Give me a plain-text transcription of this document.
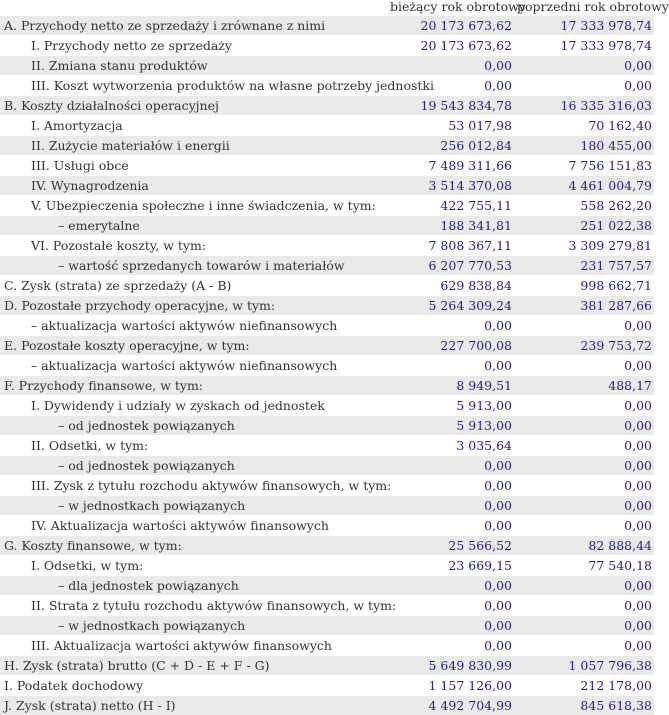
	bieżący rok obrotowy	poprzedni rok obrotowy
A. Przychody netto ze sprzedaży i zrównane z nimi	20 173 673,62	17 333 978,74
I. Przychody netto ze sprzedaży	20 173 673,62	17 333 978,74
II. Zmiana stanu produktów	0,00	0,00
III. Koszt wytworzenia produktów na własne potrzeby jednostki	0,00	0,00
B. Koszty działalności operacyjnej	19 543 834,78	16 335 316,03
I. Amortyzacja	53 017,98	70 162,40
II. Zużycie materiałów i energii	256 012,84	180 455,00
III. Usługi obce	7 489 311,66	7 756 151,83
IV. Wynagrodzenia	3 514 370,08	4 461 004,79
V. Ubezpieczenia społeczne i inne świadczenia, w tym:	422 755,11	558 262,20
– emerytalne	188 341,81	251 022,38
VI. Pozostałe koszty, w tym:	7 808 367,11	3 309 279,81
– wartość sprzedanych towarów i materiałów	6 207 770,53	231 757,57
C. Zysk (strata) ze sprzedaży (A - B)	629 838,84	998 662,71
D. Pozostałe przychody operacyjne, w tym:	5 264 309,24	381 287,66
– aktualizacja wartości aktywów niefinansowych	0,00	0,00
E. Pozostałe koszty operacyjne, w tym:	227 700,08	239 753,72
– aktualizacja wartości aktywów niefinansowych	0,00	0,00
F. Przychody finansowe, w tym:	8 949,51	488,17
I. Dywidendy i udziały w zyskach od jednostek	5 913,00	0,00
– od jednostek powiązanych	5 913,00	0,00
II. Odsetki, w tym:	3 035,64	0,00
– od jednostek powiązanych	0,00	0,00
III. Zysk z tytułu rozchodu aktywów finansowych, w tym:	0,00	0,00
– w jednostkach powiązanych	0,00	0,00
IV. Aktualizacja wartości aktywów finansowych	0,00	0,00
G. Koszty finansowe, w tym:	25 566,52	82 888,44
I. Odsetki, w tym:	23 669,15	77 540,18
– dla jednostek powiązanych	0,00	0,00
II. Strata z tytułu rozchodu aktywów finansowych, w tym:	0,00	0,00
– w jednostkach powiązanych	0,00	0,00
III. Aktualizacja wartości aktywów finansowych	0,00	0,00
H. Zysk (strata) brutto (C + D - E + F - G)	5 649 830,99	1 057 796,38
I. Podatek dochodowy	1 157 126,00	212 178,00
J. Zysk (strata) netto (H - I)	4 492 704,99	845 618,38
